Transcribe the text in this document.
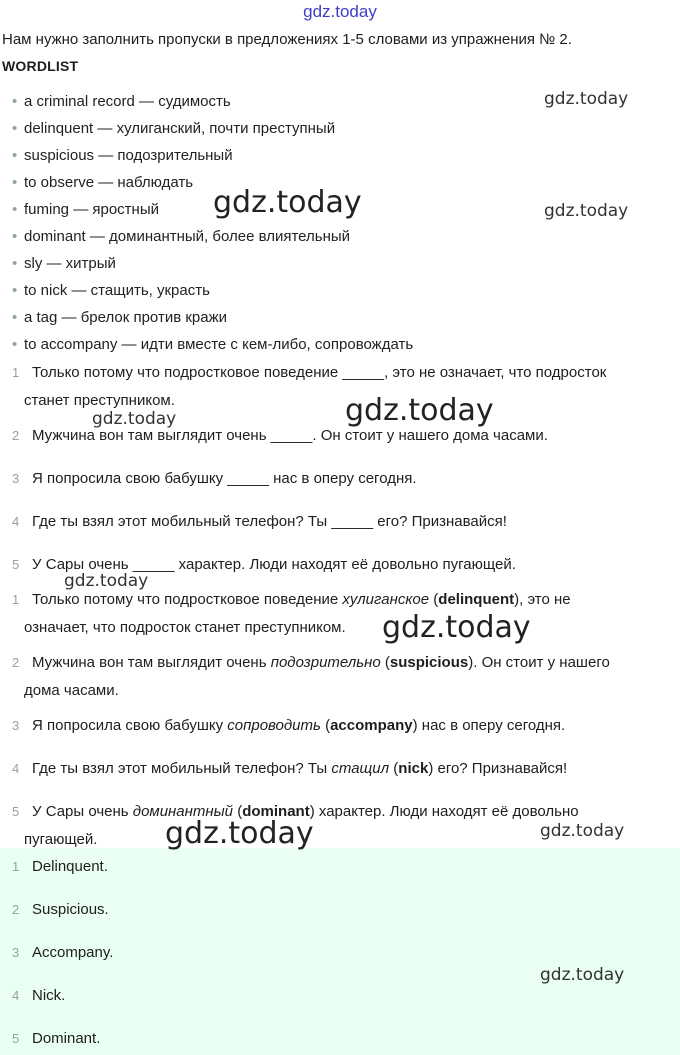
gdz.today
Нам нужно заполнить пропуски в предложениях 1-5 словами из упражнения № 2.
WORDLIST
• a criminal record — судимость
• delinquent — хулиганский, почти преступный
• suspicious — подозрительный
• to observe — наблюдать
• fuming — яростный
• dominant — доминантный, более влиятельный
• sly — хитрый
• to nick — стащить, украсть
• a tag — брелок против кражи
• to accompany — идти вместе с кем-либо, сопровождать
1 Только потому что подростковое поведение _____, это не означает, что подросток
станет преступником.
2 Мужчина вон там выглядит очень _____. Он стоит у нашего дома часами.
3 Я попросила свою бабушку _____ нас в оперу сегодня.
4 Где ты взял этот мобильный телефон? Ты _____ его? Признавайся!
5 У Сары очень _____ характер. Люди находят её довольно пугающей.
1 Только потому что подростковое поведение хулиганское (delinquent), это не
означает, что подросток станет преступником.
2 Мужчина вон там выглядит очень подозрительно (suspicious). Он стоит у нашего
дома часами.
3 Я попросила свою бабушку сопроводить (accompany) нас в оперу сегодня.
4 Где ты взял этот мобильный телефон? Ты стащил (nick) его? Признавайся!
5 У Сары очень доминантный (dominant) характер. Люди находят её довольно
пугающей.
1 Delinquent.
2 Suspicious.
3 Accompany.
4 Nick.
5 Dominant.
gdz.today
gdz.today	gdz.today
gdz.today
gdz.today
gdz.today
gdz.today
gdz.today	gdz.today
gdz.today
